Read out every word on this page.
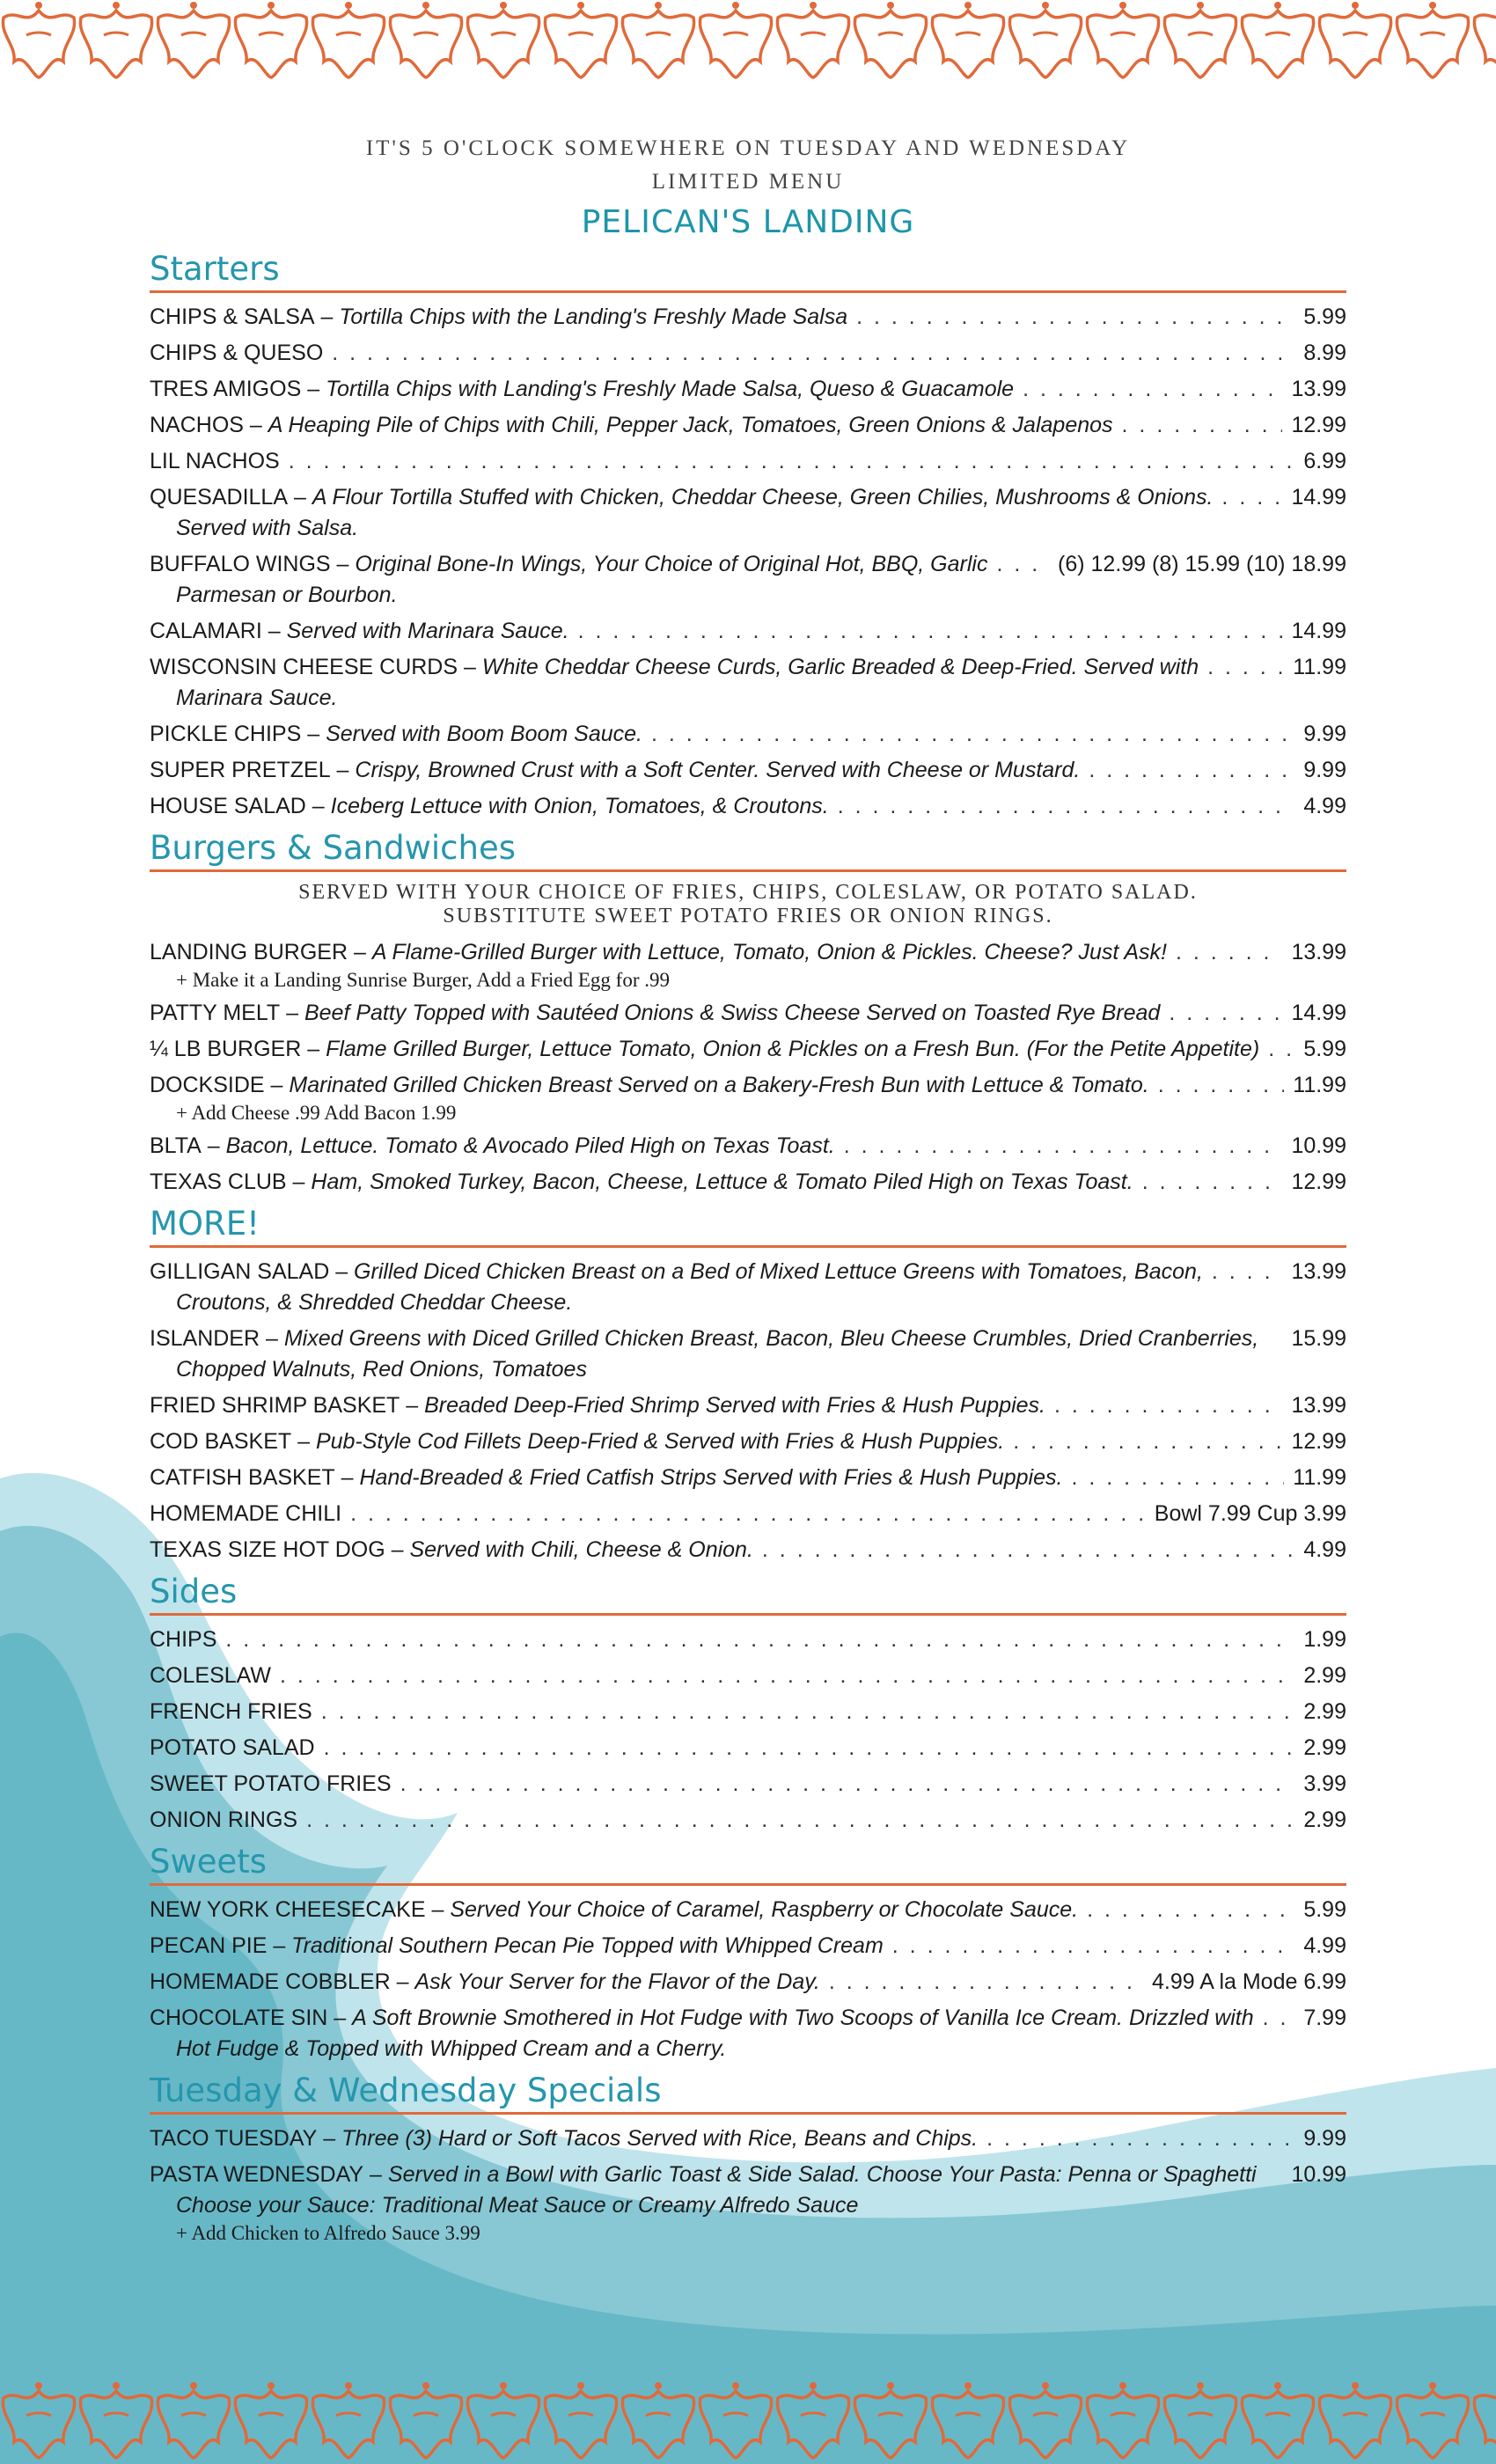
IT'S 5 O'CLOCK SOMEWHERE ON TUESDAY AND WEDNESDAY
LIMITED MENU
PELICAN'S LANDING
Starters
CHIPS & SALSA – Tortilla Chips with the Landing's Freshly Made Salsa . . .	5.99
CHIPS & QUESO . . .	8.99
TRES AMIGOS – Tortilla Chips with Landing's Freshly Made Salsa, Queso & Guacamole . . .	13.99
NACHOS – A Heaping Pile of Chips with Chili, Pepper Jack, Tomatoes, Green Onions & Jalapenos . . .	12.99
LIL NACHOS . . .	6.99
QUESADILLA – A Flour Tortilla Stuffed with Chicken, Cheddar Cheese, Green Chilies, Mushrooms & Onions. . . .	14.99
Served with Salsa.
BUFFALO WINGS – Original Bone-In Wings, Your Choice of Original Hot, BBQ, Garlic . . .	(6) 12.99 (8) 15.99 (10) 18.99
Parmesan or Bourbon.
CALAMARI – Served with Marinara Sauce. . . .	14.99
WISCONSIN CHEESE CURDS – White Cheddar Cheese Curds, Garlic Breaded & Deep-Fried. Served with . . .	11.99
Marinara Sauce.
PICKLE CHIPS – Served with Boom Boom Sauce. . . .	9.99
SUPER PRETZEL – Crispy, Browned Crust with a Soft Center. Served with Cheese or Mustard. . . .	9.99
HOUSE SALAD – Iceberg Lettuce with Onion, Tomatoes, & Croutons. . . .	4.99
Burgers & Sandwiches
SERVED WITH YOUR CHOICE OF FRIES, CHIPS, COLESLAW, OR POTATO SALAD.
SUBSTITUTE SWEET POTATO FRIES OR ONION RINGS.
LANDING BURGER – A Flame-Grilled Burger with Lettuce, Tomato, Onion & Pickles. Cheese? Just Ask! . . .	13.99
+ Make it a Landing Sunrise Burger, Add a Fried Egg for .99
PATTY MELT – Beef Patty Topped with Sautéed Onions & Swiss Cheese Served on Toasted Rye Bread . . .	14.99
¼ LB BURGER – Flame Grilled Burger, Lettuce Tomato, Onion & Pickles on a Fresh Bun. (For the Petite Appetite) . . . 5.99
DOCKSIDE – Marinated Grilled Chicken Breast Served on a Bakery-Fresh Bun with Lettuce & Tomato. . . .	11.99
+ Add Cheese .99 Add Bacon 1.99
BLTA – Bacon, Lettuce. Tomato & Avocado Piled High on Texas Toast. . . .	10.99
TEXAS CLUB – Ham, Smoked Turkey, Bacon, Cheese, Lettuce & Tomato Piled High on Texas Toast. . . .	12.99
MORE!
GILLIGAN SALAD – Grilled Diced Chicken Breast on a Bed of Mixed Lettuce Greens with Tomatoes, Bacon, . . .	13.99
Croutons, & Shredded Cheddar Cheese.
ISLANDER – Mixed Greens with Diced Grilled Chicken Breast, Bacon, Bleu Cheese Crumbles, Dried Cranberries, 15.99
Chopped Walnuts, Red Onions, Tomatoes
FRIED SHRIMP BASKET – Breaded Deep-Fried Shrimp Served with Fries & Hush Puppies. . . .	13.99
COD BASKET – Pub-Style Cod Fillets Deep-Fried & Served with Fries & Hush Puppies. . . .	12.99
CATFISH BASKET – Hand-Breaded & Fried Catfish Strips Served with Fries & Hush Puppies. . . .	11.99
HOMEMADE CHILI . . .	Bowl 7.99 Cup 3.99
TEXAS SIZE HOT DOG – Served with Chili, Cheese & Onion. . . .	4.99
Sides
CHIPS . . .	1.99
COLESLAW . . .	2.99
FRENCH FRIES . . .	2.99
POTATO SALAD . . .	2.99
SWEET POTATO FRIES . . .	3.99
ONION RINGS . . .	2.99
Sweets
NEW YORK CHEESECAKE – Served Your Choice of Caramel, Raspberry or Chocolate Sauce. . . .	5.99
PECAN PIE – Traditional Southern Pecan Pie Topped with Whipped Cream . . .	4.99
HOMEMADE COBBLER – Ask Your Server for the Flavor of the Day. . . .	4.99 A la Mode 6.99
CHOCOLATE SIN – A Soft Brownie Smothered in Hot Fudge with Two Scoops of Vanilla Ice Cream. Drizzled with . . . 7.99
Hot Fudge & Topped with Whipped Cream and a Cherry.
Tuesday & Wednesday Specials
TACO TUESDAY – Three (3) Hard or Soft Tacos Served with Rice, Beans and Chips. . . .	9.99
PASTA WEDNESDAY – Served in a Bowl with Garlic Toast & Side Salad. Choose Your Pasta: Penna or Spaghetti 10.99
Choose your Sauce: Traditional Meat Sauce or Creamy Alfredo Sauce
+ Add Chicken to Alfredo Sauce 3.99
